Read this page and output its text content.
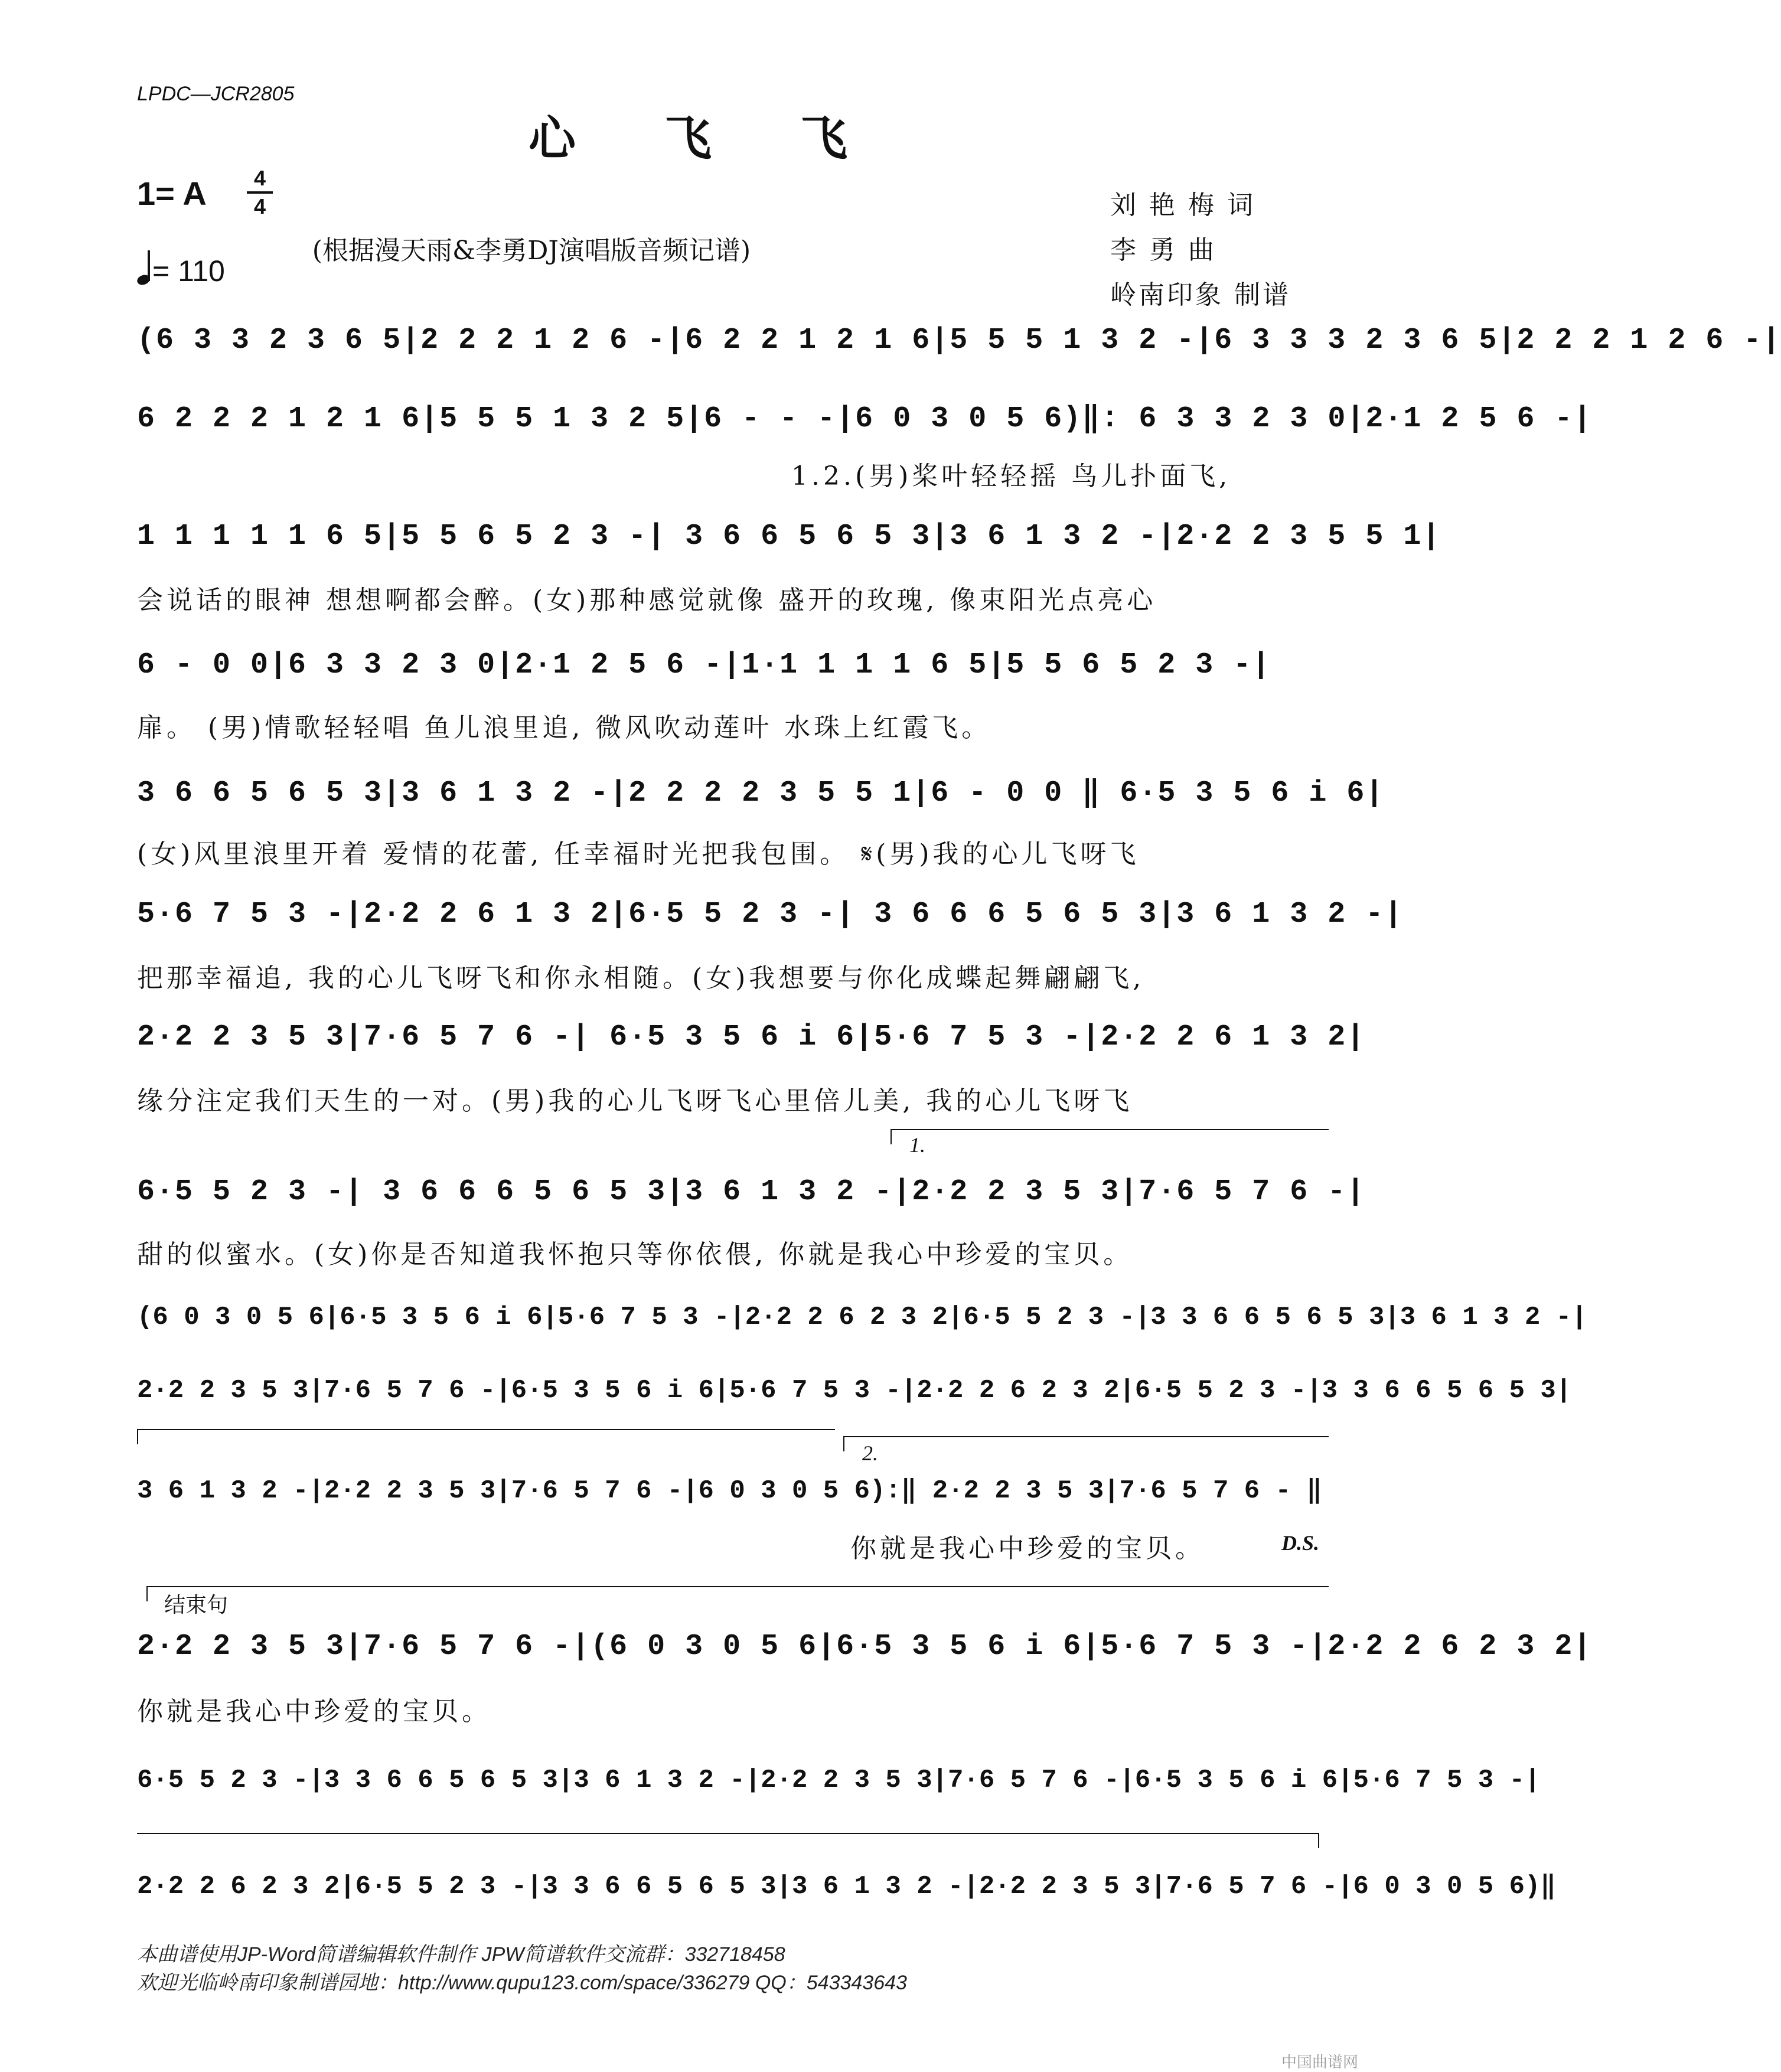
LPDC—JCR2805
心飞飞
1= A	4
4
= 110
(根据漫天雨&李勇DJ演唱版音频记谱)
刘 艳 梅 词
李 勇 曲
岭南印象 制谱
(6 3 3 2 3 6 5|2 2 2 1 2 6 -|6 2 2 1 2 1 6|5 5 5 1 3 2 -|6 3 3 3 2 3 6 5|2 2 2 1 2 6 -|
6 2 2 2 1 2 1 6|5 5 5 1 3 2 5|6 - - -|6 0 3 0 5 6)‖: 6 3 3 2 3 0|2·1 2 5 6 -|
1.2.(男)桨叶轻轻摇 鸟儿扑面飞,
1 1 1 1 1 6 5|5 5 6 5 2 3 -| 3 6 6 5 6 5 3|3 6 1 3 2 -|2·2 2 3 5 5 1|
会说话的眼神 想想啊都会醉。(女)那种感觉就像 盛开的玫瑰, 像束阳光点亮心
6 - 0 0|6 3 3 2 3 0|2·1 2 5 6 -|1·1 1 1 1 6 5|5 5 6 5 2 3 -|
扉。 (男)情歌轻轻唱 鱼儿浪里追, 微风吹动莲叶 水珠上红霞飞。
3 6 6 5 6 5 3|3 6 1 3 2 -|2 2 2 2 3 5 5 1|6 - 0 0 ‖ 6·5 3 5 6 i 6|
(女)风里浪里开着 爱情的花蕾, 任幸福时光把我包围。 𝄋(男)我的心儿飞呀飞
5·6 7 5 3 -|2·2 2 6 1 3 2|6·5 5 2 3 -| 3 6 6 6 5 6 5 3|3 6 1 3 2 -|
把那幸福追, 我的心儿飞呀飞和你永相随。(女)我想要与你化成蝶起舞翩翩飞,
2·2 2 3 5 3|7·6 5 7 6 -| 6·5 3 5 6 i 6|5·6 7 5 3 -|2·2 2 6 1 3 2|
缘分注定我们天生的一对。(男)我的心儿飞呀飞心里倍儿美, 我的心儿飞呀飞
1.
6·5 5 2 3 -| 3 6 6 6 5 6 5 3|3 6 1 3 2 -|2·2 2 3 5 3|7·6 5 7 6 -|
甜的似蜜水。(女)你是否知道我怀抱只等你依偎, 你就是我心中珍爱的宝贝。
(6 0 3 0 5 6|6·5 3 5 6 i 6|5·6 7 5 3 -|2·2 2 6 2 3 2|6·5 5 2 3 -|3 3 6 6 5 6 5 3|3 6 1 3 2 -|
2·2 2 3 5 3|7·6 5 7 6 -|6·5 3 5 6 i 6|5·6 7 5 3 -|2·2 2 6 2 3 2|6·5 5 2 3 -|3 3 6 6 5 6 5 3|
2.
3 6 1 3 2 -|2·2 2 3 5 3|7·6 5 7 6 -|6 0 3 0 5 6):‖ 2·2 2 3 5 3|7·6 5 7 6 - ‖
你就是我心中珍爱的宝贝。	D.S.
结束句
2·2 2 3 5 3|7·6 5 7 6 -|(6 0 3 0 5 6|6·5 3 5 6 i 6|5·6 7 5 3 -|2·2 2 6 2 3 2|
你就是我心中珍爱的宝贝。
6·5 5 2 3 -|3 3 6 6 5 6 5 3|3 6 1 3 2 -|2·2 2 3 5 3|7·6 5 7 6 -|6·5 3 5 6 i 6|5·6 7 5 3 -|
2·2 2 6 2 3 2|6·5 5 2 3 -|3 3 6 6 5 6 5 3|3 6 1 3 2 -|2·2 2 3 5 3|7·6 5 7 6 -|6 0 3 0 5 6)‖
本曲谱使用JP-Word简谱编辑软件制作 JPW简谱软件交流群：332718458
欢迎光临岭南印象制谱园地：http://www.qupu123.com/space/336279 QQ：543343643
中国曲谱网
